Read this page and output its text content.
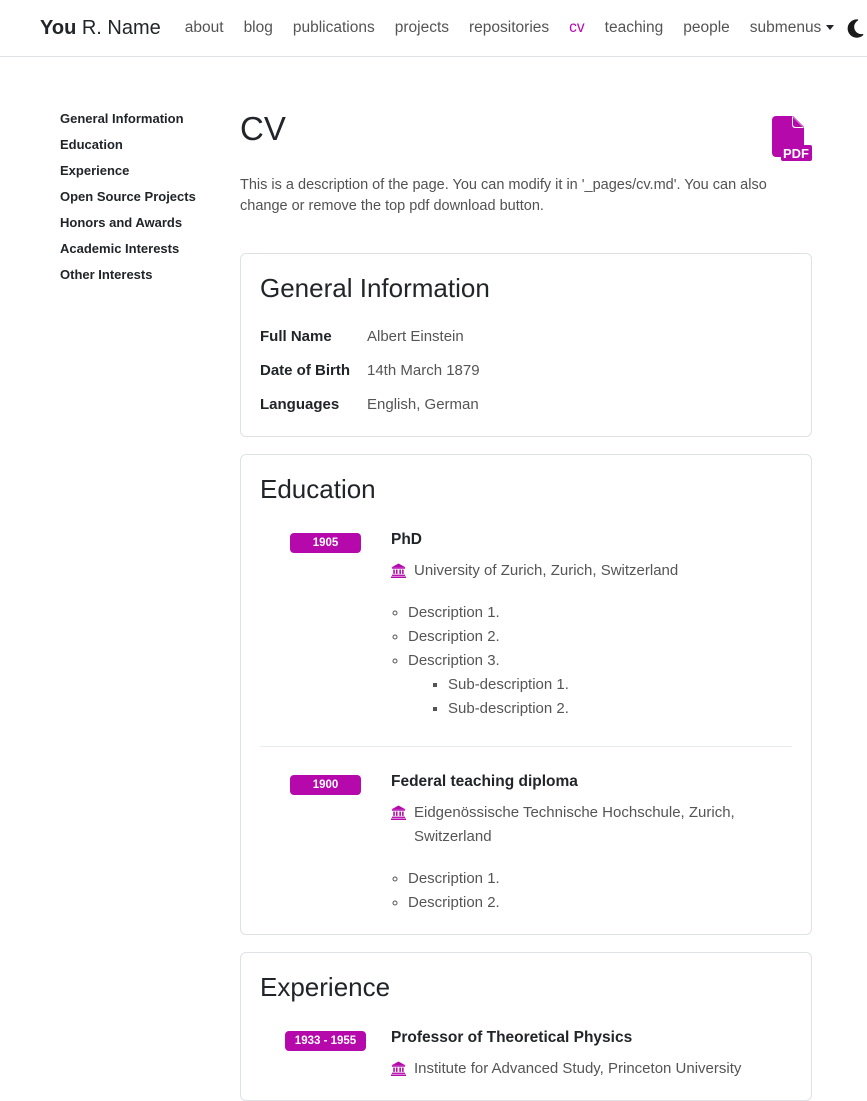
You R. Name	about	blog	publications	projects	repositories	cv	teaching	people	submenus
General Information
Education
Experience
Open Source Projects
Honors and Awards
Academic Interests
Other Interests
CV
PDF

This is a description of the page. You can modify it in '_pages/cv.md'. You can also change or remove the top pdf download button.

General Information
Full Name	Albert Einstein
Date of Birth	14th March 1879
Languages	English, German
Education
1905	PhD
University of Zurich, Zurich, Switzerland
◦ Description 1.
◦ Description 2.
◦ Description 3.
▪ Sub-description 1.
▪ Sub-description 2.
1900	Federal teaching diploma
Eidgenössische Technische Hochschule, Zurich, Switzerland
◦ Description 1.
◦ Description 2.
Experience
1933 - 1955	Professor of Theoretical Physics
Institute for Advanced Study, Princeton University
